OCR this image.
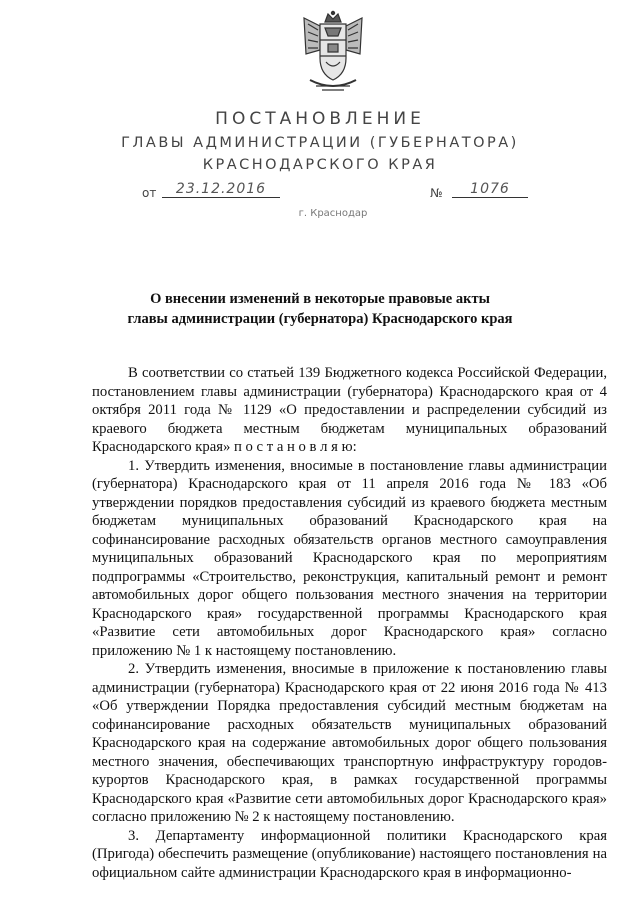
ПОСТАНОВЛЕНИЕ
ГЛАВЫ АДМИНИСТРАЦИИ (ГУБЕРНАТОРА)
КРАСНОДАРСКОГО КРАЯ
от	23.12.2016	№	1076
г. Краснодар
О внесении изменений в некоторые правовые акты
главы администрации (губернатора) Краснодарского края

В соответствии со статьей 139 Бюджетного кодекса Российской Федерации, постановлением главы администрации (губернатора) Краснодарского края от 4 октября 2011 года № 1129 «О предоставлении и распределении субсидий из краевого бюджета местным бюджетам муниципальных образований Краснодарского края» п о с т а н о в л я ю:

1. Утвердить изменения, вносимые в постановление главы администрации (губернатора) Краснодарского края от 11 апреля 2016 года № 183 «Об утверждении порядков предоставления субсидий из краевого бюджета местным бюджетам муниципальных образований Краснодарского края на софинансирование расходных обязательств органов местного самоуправления муниципальных образований Краснодарского края по мероприятиям подпрограммы «Строительство, реконструкция, капитальный ремонт и ремонт автомобильных дорог общего пользования местного значения на территории Краснодарского края» государственной программы Краснодарского края «Развитие сети автомобильных дорог Краснодарского края» согласно приложению № 1 к настоящему постановлению.

2. Утвердить изменения, вносимые в приложение к постановлению главы администрации (губернатора) Краснодарского края от 22 июня 2016 года № 413 «Об утверждении Порядка предоставления субсидий местным бюджетам на софинансирование расходных обязательств муниципальных образований Краснодарского края на содержание автомобильных дорог общего пользования местного значения, обеспечивающих транспортную инфраструктуру городов-курортов Краснодарского края, в рамках государственной программы Краснодарского края «Развитие сети автомобильных дорог Краснодарского края» согласно приложению № 2 к настоящему постановлению.

3. Департаменту информационной политики Краснодарского края (Пригода) обеспечить размещение (опубликование) настоящего постановления на официальном сайте администрации Краснодарского края в информационно-
